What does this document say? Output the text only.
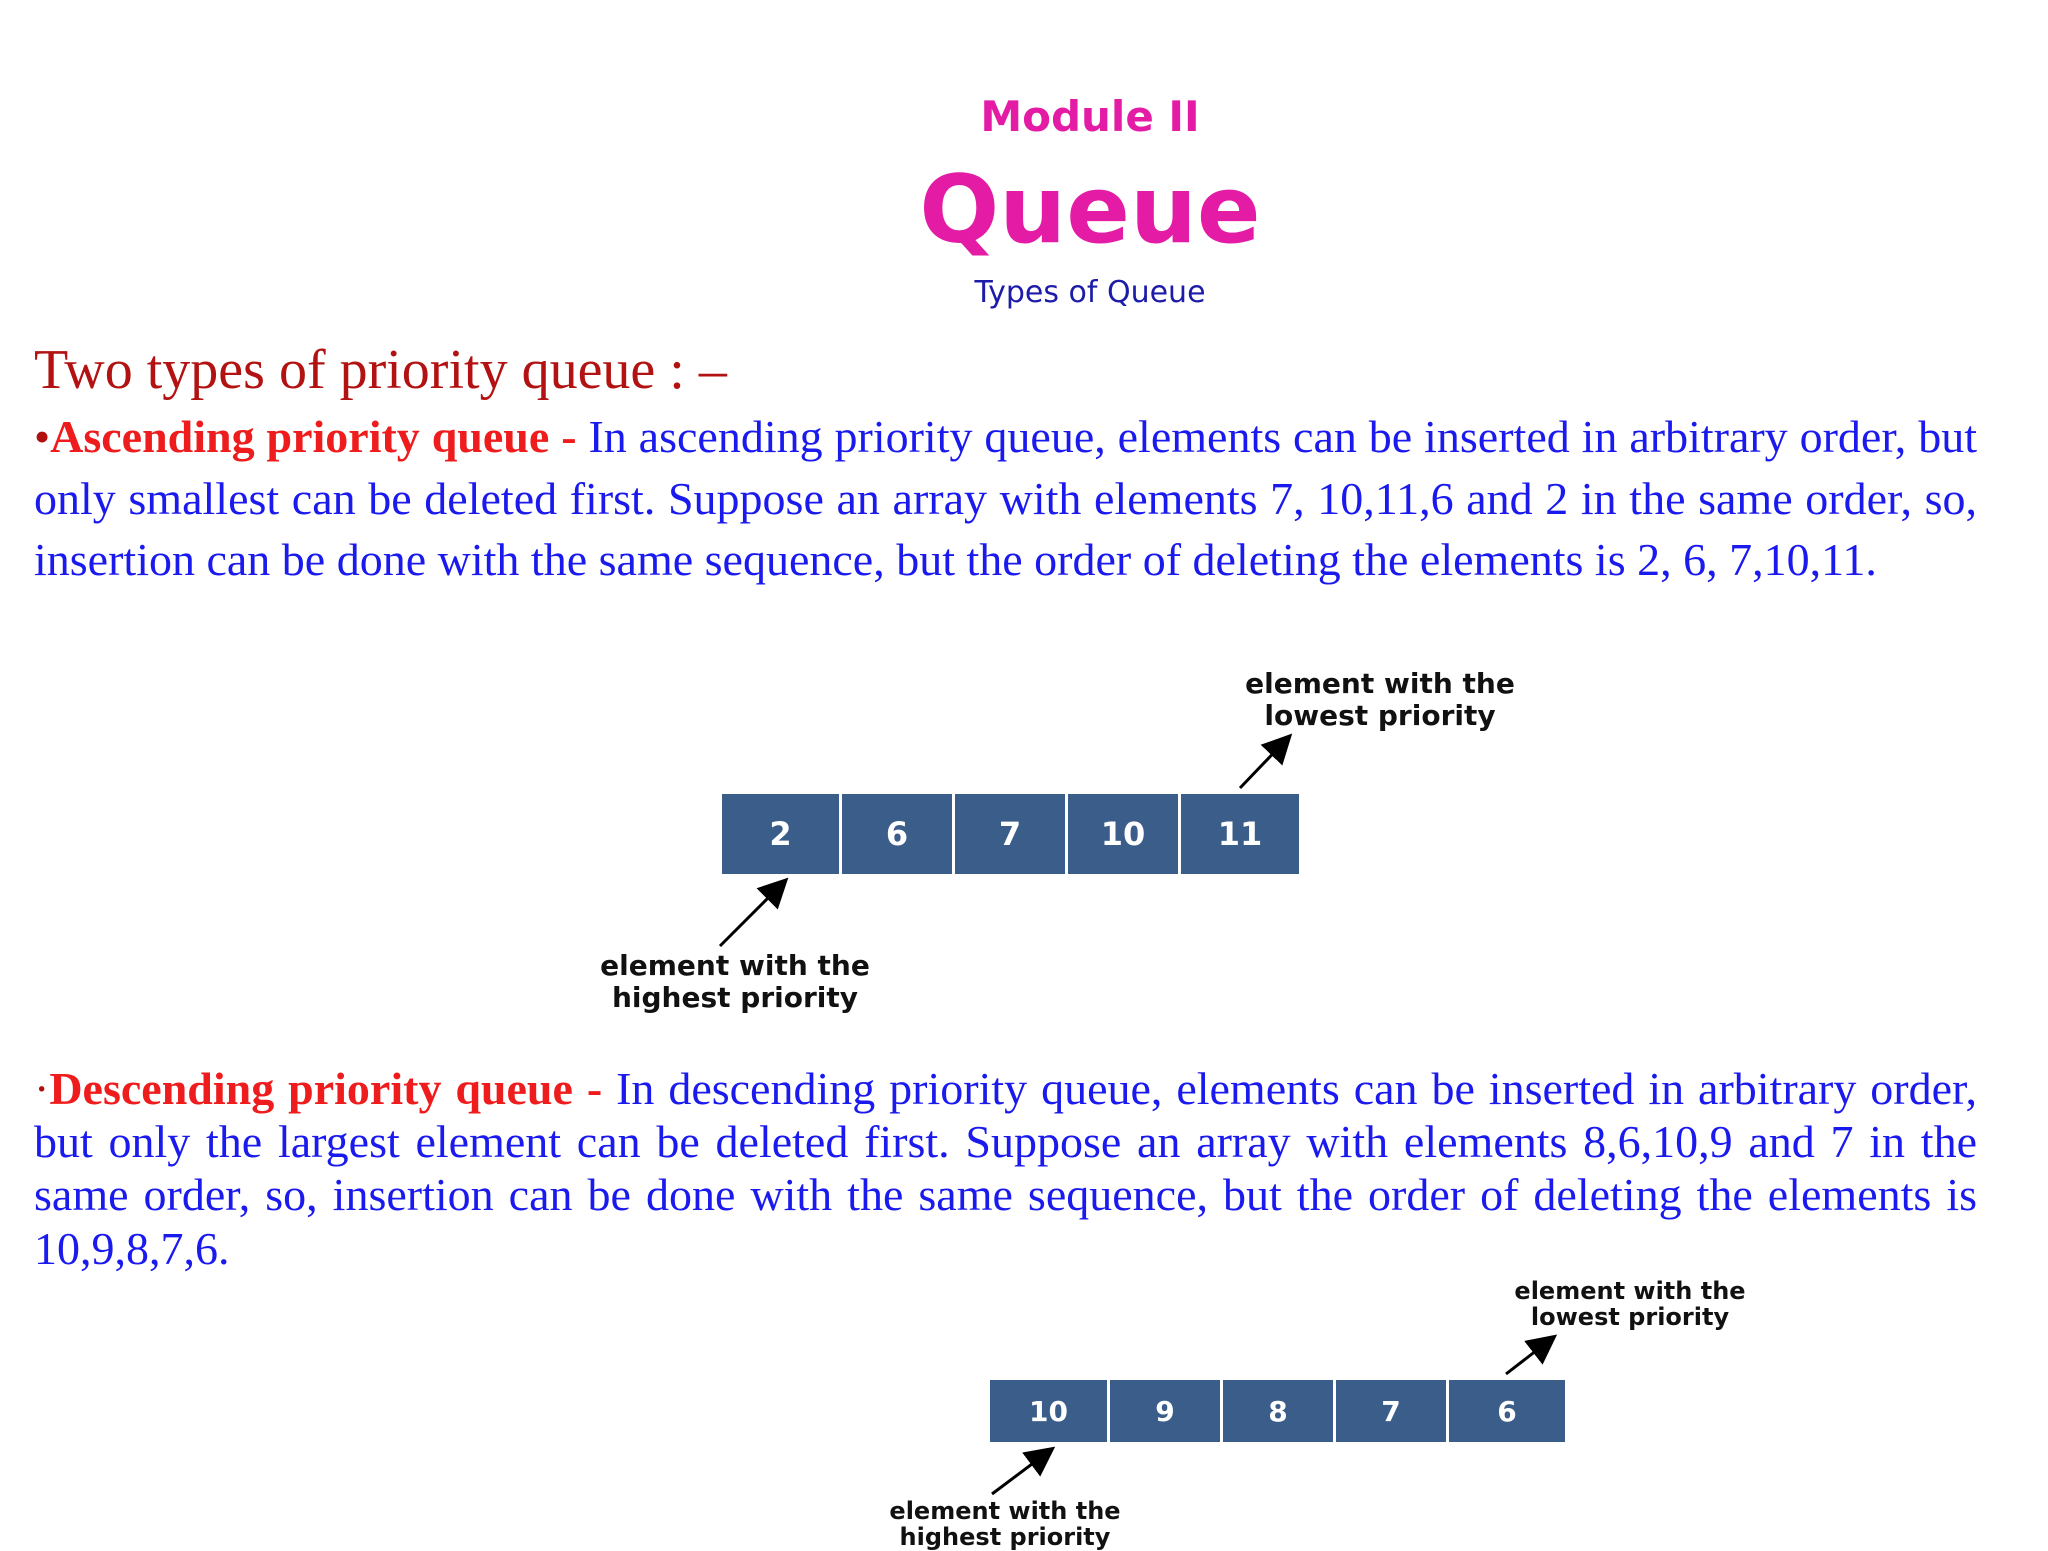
Module II
Queue
Types of Queue
Two types of priority queue : –
•Ascending priority queue - In ascending priority queue, elements can be inserted in arbitrary order, but only smallest can be deleted first. Suppose an array with elements 7, 10,11,6 and 2 in the same order, so, insertion can be done with the same sequence, but the order of deleting the elements is 2, 6, 7,10,11.
element with the
lowest priority
2	6	7	10	11
element with the
highest priority
·Descending priority queue - In descending priority queue, elements can be inserted in arbitrary order, but only the largest element can be deleted first. Suppose an array with elements 8,6,10,9 and 7 in the same order, so, insertion can be done with the same sequence, but the order of deleting the elements is 10,9,8,7,6.
element with the
lowest priority
10	9	8	7	6
element with the
highest priority
